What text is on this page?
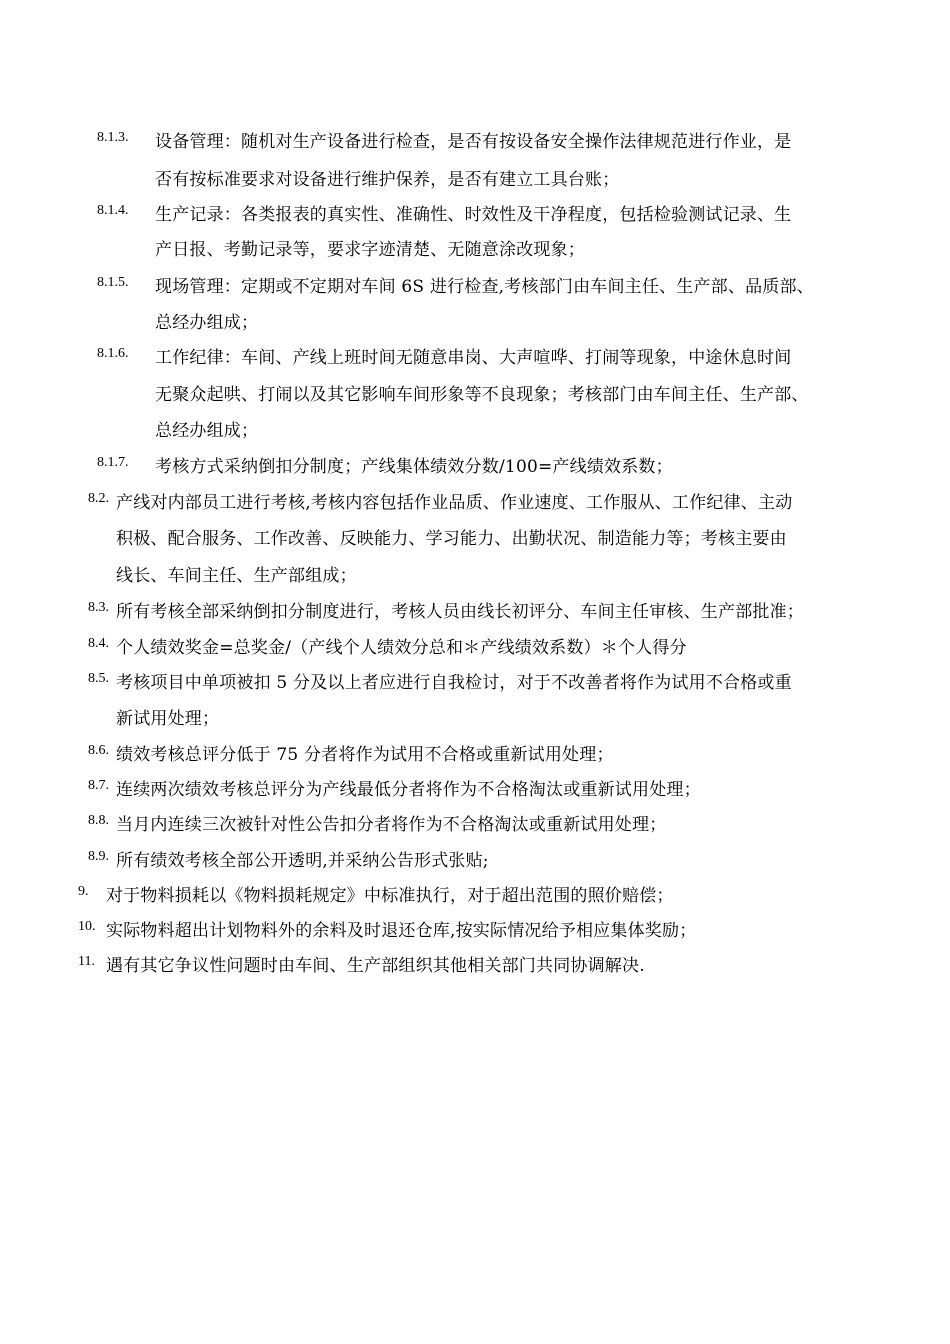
8.1.3. 设备管理：随机对生产设备进行检查，是否有按设备安全操作法律规范进行作业，是
否有按标准要求对设备进行维护保养，是否有建立工具台账；
8.1.4. 生产记录：各类报表的真实性、准确性、时效性及干净程度，包括检验测试记录、生
产日报、考勤记录等，要求字迹清楚、无随意涂改现象；
8.1.5. 现场管理：定期或不定期对车间 6S 进行检查,考核部门由车间主任、生产部、品质部、
总经办组成；
8.1.6. 工作纪律：车间、产线上班时间无随意串岗、大声喧哗、打闹等现象，中途休息时间
无聚众起哄、打闹以及其它影响车间形象等不良现象；考核部门由车间主任、生产部、
总经办组成；
8.1.7. 考核方式采纳倒扣分制度；产线集体绩效分数/100=产线绩效系数；
8.2. 产线对内部员工进行考核,考核内容包括作业品质、作业速度、工作服从、工作纪律、主动
积极、配合服务、工作改善、反映能力、学习能力、出勤状况、制造能力等；考核主要由
线长、车间主任、生产部组成；
8.3. 所有考核全部采纳倒扣分制度进行，考核人员由线长初评分、车间主任审核、生产部批准；
8.4. 个人绩效奖金=总奖金/（产线个人绩效分总和＊产线绩效系数）＊个人得分
8.5. 考核项目中单项被扣 5 分及以上者应进行自我检讨，对于不改善者将作为试用不合格或重
新试用处理；
8.6. 绩效考核总评分低于 75 分者将作为试用不合格或重新试用处理；
8.7. 连续两次绩效考核总评分为产线最低分者将作为不合格淘汰或重新试用处理；
8.8. 当月内连续三次被针对性公告扣分者将作为不合格淘汰或重新试用处理；
8.9. 所有绩效考核全部公开透明,并采纳公告形式张贴;
9. 对于物料损耗以《物料损耗规定》中标准执行，对于超出范围的照价赔偿；
10. 实际物料超出计划物料外的余料及时退还仓库,按实际情况给予相应集体奖励；
11. 遇有其它争议性问题时由车间、生产部组织其他相关部门共同协调解决.
